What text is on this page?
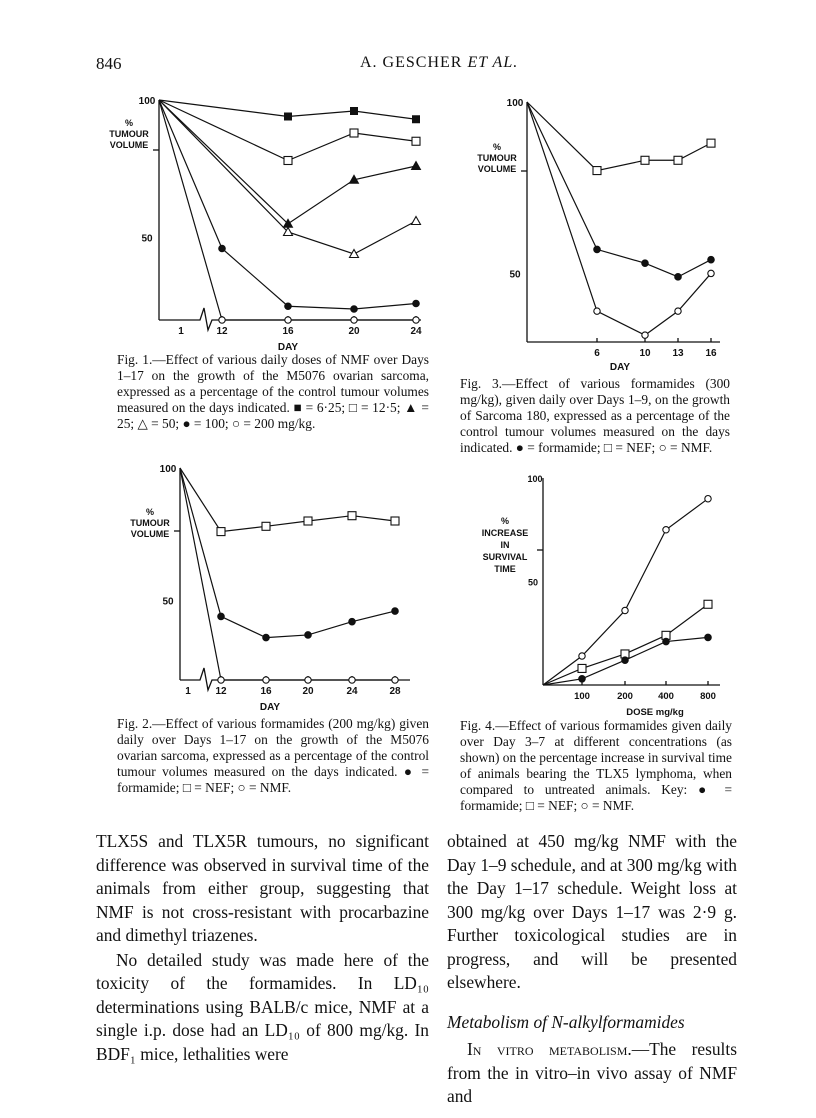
846	A. GESCHER ET AL.
100
50
%
TUMOUR
VOLUME
1	12	16	20	24
DAY
Fig. 1.—Effect of various daily doses of NMF over Days 1–17 on the growth of the M5076 ovarian sarcoma, expressed as a percentage of the control tumour volumes measured on the days indicated. ■ = 6·25; □ = 12·5; ▲ = 25; △ = 50; ● = 100; ○ = 200 mg/kg.
100
50
%
TUMOUR
VOLUME
1 12	16	20	24	28
DAY
Fig. 2.—Effect of various formamides (200 mg/kg) given daily over Days 1–17 on the growth of the M5076 ovarian sarcoma, expressed as a percentage of the control tumour volumes measured on the days indicated. ● = formamide; □ = NEF; ○ = NMF.
100
50
%
TUMOUR
VOLUME
6	10 13 16
DAY
Fig. 3.—Effect of various formamides (300 mg/kg), given daily over Days 1–9, on the growth of Sarcoma 180, expressed as a percentage of the control tumour volumes measured on the days indicated. ● = formamide; □ = NEF; ○ = NMF.
100
50
%
INCREASE
IN
SURVIVAL
TIME
100	200	400	800
DOSE mg/kg
Fig. 4.—Effect of various formamides given daily over Day 3–7 at different concentrations (as shown) on the percentage increase in survival time of animals bearing the TLX5 lymphoma, when compared to untreated animals. Key: ● = formamide; □ = NEF; ○ = NMF.

TLX5S and TLX5R tumours, no significant difference was observed in survival time of the animals from either group, suggesting that NMF is not cross-resistant with procarbazine and dimethyl triazenes.

No detailed study was made here of the toxicity of the formamides. In LD₁₀ determinations using BALB/c mice, NMF at a single i.p. dose had an LD₁₀ of 800 mg/kg. In BDF₁ mice, lethalities were

obtained at 450 mg/kg NMF with the Day 1–9 schedule, and at 300 mg/kg with the Day 1–17 schedule. Weight loss at 300 mg/kg over Days 1–17 was 2·9 g. Further toxicological studies are in progress, and will be presented elsewhere.

Metabolism of N-alkylformamides

In vitro metabolism.—The results from the in vitro–in vivo assay of NMF and
